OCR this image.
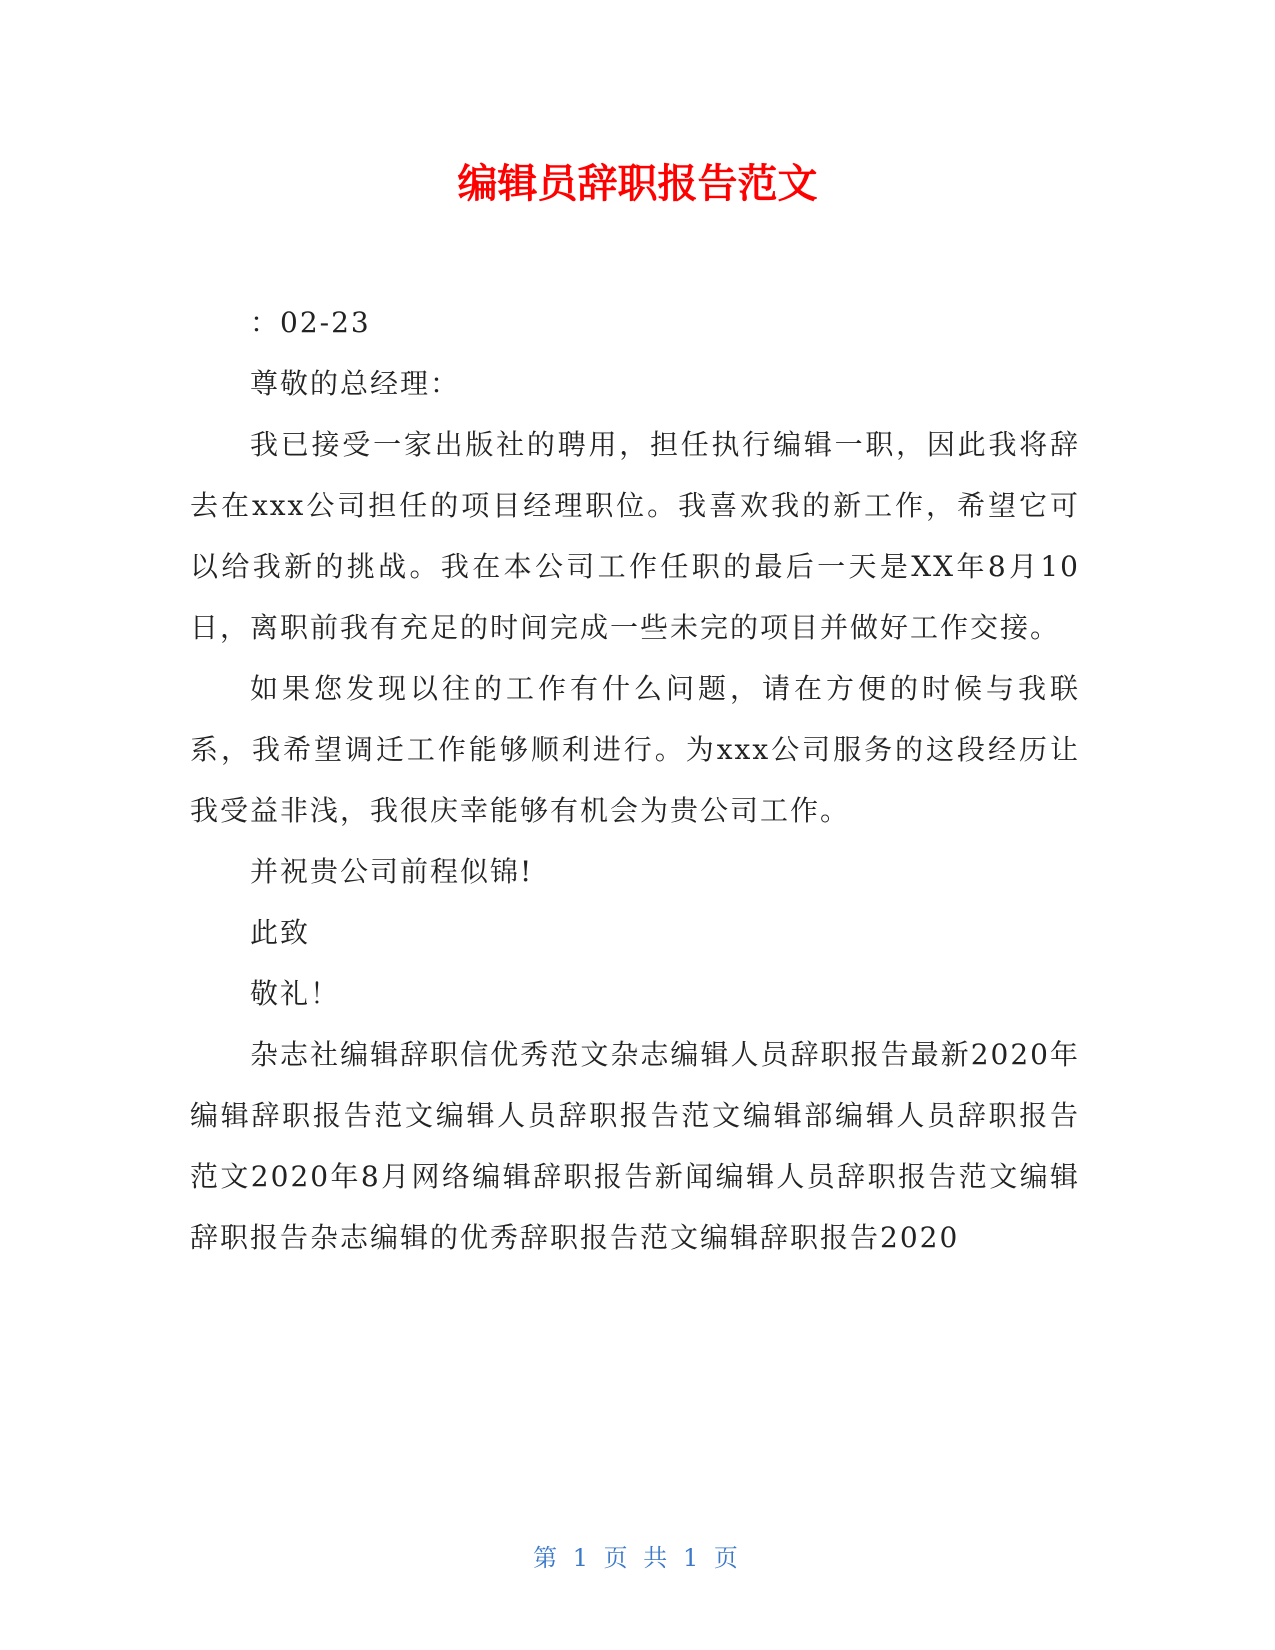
编辑员辞职报告范文

：02-23

尊敬的总经理：

我已接受一家出版社的聘用，担任执行编辑一职，因此我将辞去在xxx公司担任的项目经理职位。我喜欢我的新工作，希望它可以给我新的挑战。我在本公司工作任职的最后一天是XX年8月10日，离职前我有充足的时间完成一些未完的项目并做好工作交接。

如果您发现以往的工作有什么问题，请在方便的时候与我联系，我希望调迁工作能够顺利进行。为xxx公司服务的这段经历让我受益非浅，我很庆幸能够有机会为贵公司工作。

并祝贵公司前程似锦!

此致

敬礼！

杂志社编辑辞职信优秀范文杂志编辑人员辞职报告最新2020年编辑辞职报告范文编辑人员辞职报告范文编辑部编辑人员辞职报告范文2020年8月网络编辑辞职报告新闻编辑人员辞职报告范文编辑辞职报告杂志编辑的优秀辞职报告范文编辑辞职报告2020

第 1 页 共 1 页
